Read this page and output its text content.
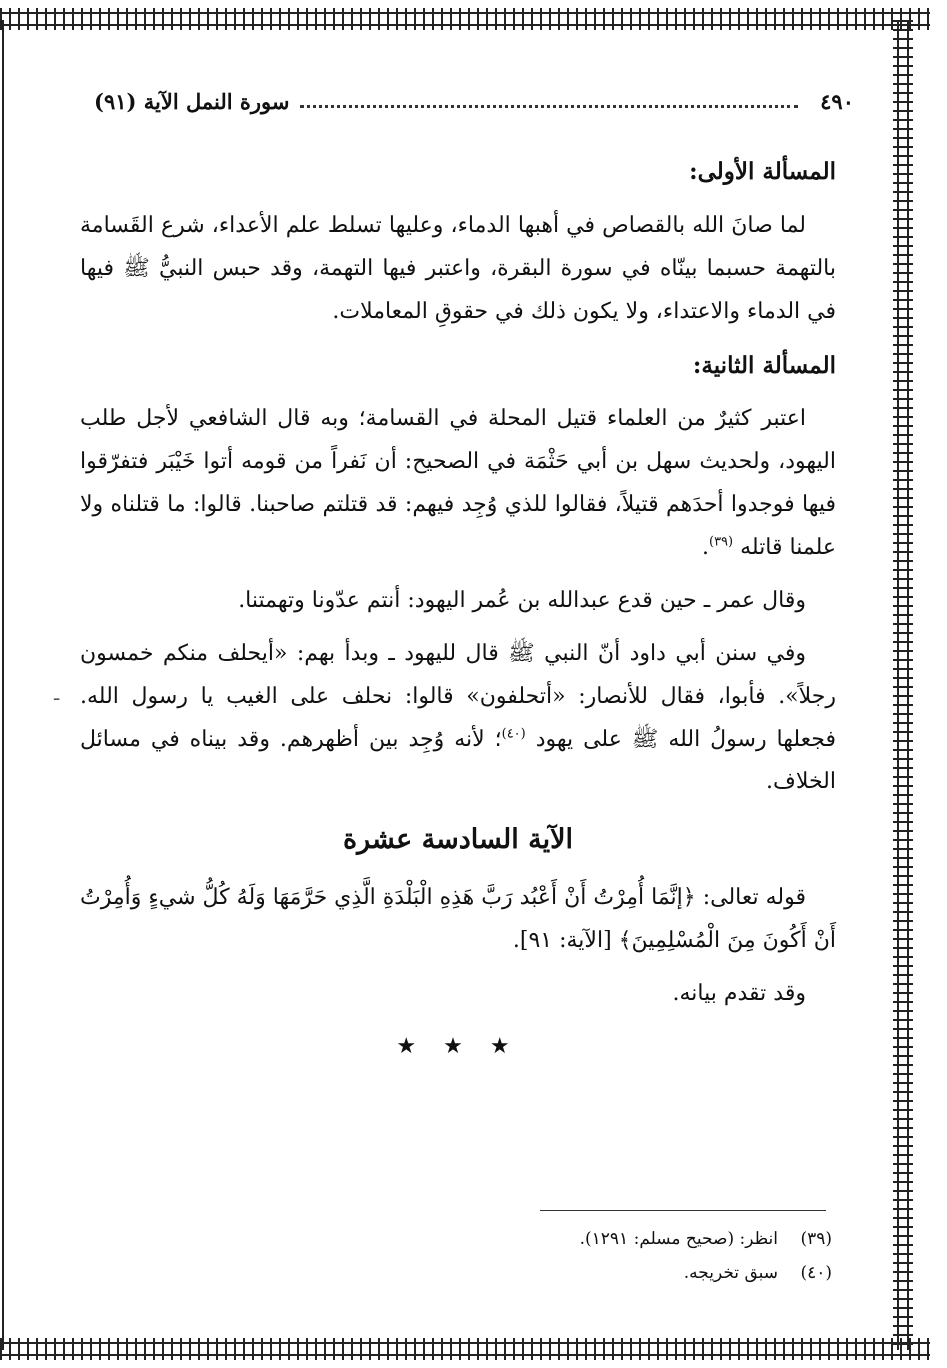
٤٩٠
سورة النمل الآية (٩١)

المسألة الأولى:

لما صانَ الله بالقصاص في أهبها الدماء، وعليها تسلط علم الأعداء، شرع القَسامة بالتهمة حسبما بينّاه في سورة البقرة، واعتبر فيها التهمة، وقد حبس النبيُّ ﷺ فيها في الدماء والاعتداء، ولا يكون ذلك في حقوقِ المعاملات.

المسألة الثانية:

اعتبر كثيرٌ من العلماء قتيل المحلة في القسامة؛ وبه قال الشافعي لأجل طلب اليهود، ولحديث سهل بن أبي حَثْمَة في الصحيح: أن نَفراً من قومه أتوا خَيْبَر فتفرّقوا فيها فوجدوا أحدَهم قتيلاً، فقالوا للذي وُجِد فيهم: قد قتلتم صاحبنا. قالوا: ما قتلناه ولا علمنا قاتله $^{(٣٩)}$.

وقال عمر ـ حين قدع عبدالله بن عُمر اليهود: أنتم عدّونا وتهمتنا.

وفي سنن أبي داود أنّ النبي ﷺ قال لليهود ـ وبدأ بهم: «أيحلف منكم خمسون رجلاً». فأبوا، فقال للأنصار: «أتحلفون» قالوا: نحلف على الغيب يا رسول الله. فجعلها رسولُ الله ﷺ على يهود $^{(٤٠)}$؛ لأنه وُجِد بين أظهرهم. وقد بيناه في مسائل الخلاف.

الآية السادسة عشرة

قوله تعالى: ﴿إنَّمَا أُمِرْتُ أَنْ أَعْبُد رَبَّ هَذِهِ الْبَلْدَةِ الَّذِي حَرَّمَهَا وَلَهُ كُلُّ شيءٍ وَأُمِرْتُ أَنْ أَكُونَ مِنَ الْمُسْلِمِينَ﴾ [الآية: ٩١].

وقد تقدم بيانه.

★ ★ ★
ـ
(٣٩)
انظر: (صحيح مسلم: ١٢٩١).
(٤٠)
سبق تخريجه.
